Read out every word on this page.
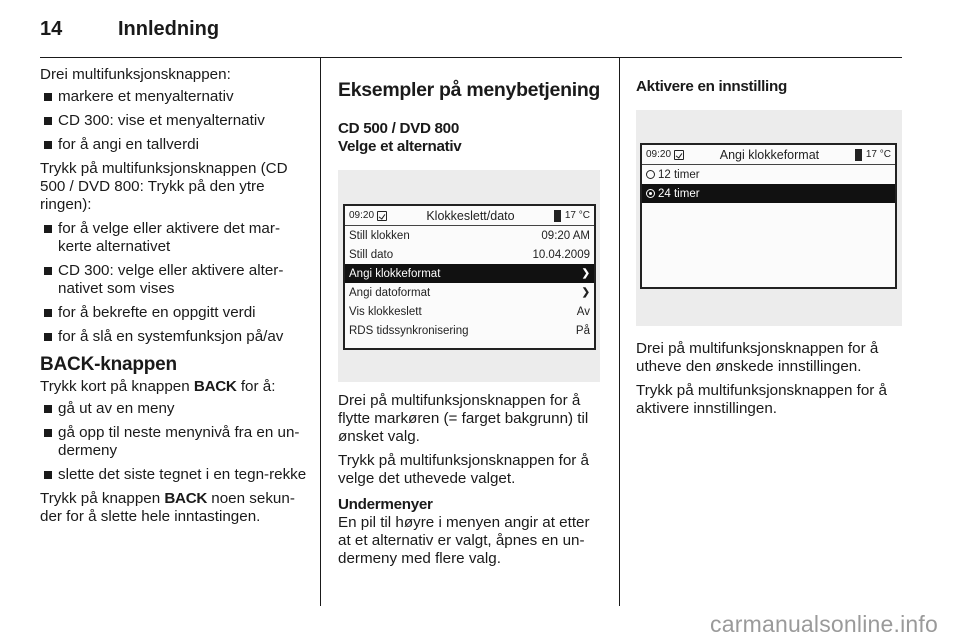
14	Innledning

Drei multifunksjonsknappen:

markere et menyalternativ
CD 300: vise et menyalternativ
for å angi en tallverdi

Trykk på multifunksjonsknappen (CD 500 / DVD 800: Trykk på den ytre ringen):

for å velge eller aktivere det mar-kerte alternativet
CD 300: velge eller aktivere alter-nativet som vises
for å bekrefte en oppgitt verdi
for å slå en systemfunksjon på/av
BACK-knappen

Trykk kort på knappen BACK for å:

gå ut av en meny
gå opp til neste menynivå fra en un-dermeny
slette det siste tegnet i en tegn-rekke

Trykk på knappen BACK noen sekun-der for å slette hele inntastingen.

Eksempler på menybetjening
CD 500 / DVD 800
Velge et alternativ
09:20	Klokkeslett/dato	17 °C
Still klokken	09:20 AM
Still dato	10.04.2009
Angi klokkeformat	❯
Angi datoformat	❯
Vis klokkeslett	Av
RDS tidssynkronisering	På

Drei på multifunksjonsknappen for å flytte markøren (= farget bakgrunn) til ønsket valg.

Trykk på multifunksjonsknappen for å velge det uthevede valget.

Undermenyer

En pil til høyre i menyen angir at etter at et alternativ er valgt, åpnes en un-dermeny med flere valg.

Aktivere en innstilling
09:20	Angi klokkeformat	17 °C
12 timer
24 timer

Drei på multifunksjonsknappen for å utheve den ønskede innstillingen.

Trykk på multifunksjonsknappen for å aktivere innstillingen.

carmanualsonline.info
